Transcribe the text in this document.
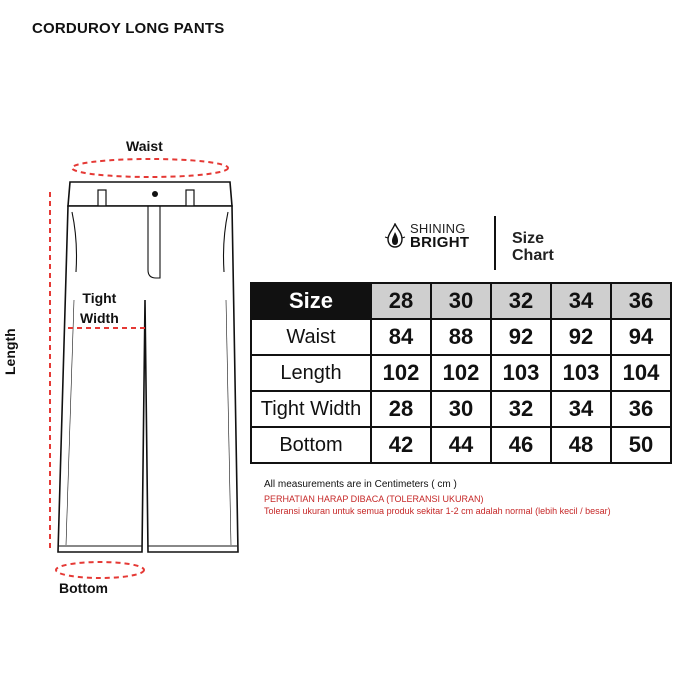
CORDUROY LONG PANTS
Waist
Tight
Width
Length
Bottom
SHINING
BRIGHT	Size
Chart
Size	28	30	32	34	36
Waist	84	88	92	92	94
Length	102	102	103	103	104
Tight Width	28	30	32	34	36
Bottom	42	44	46	48	50
All measurements are in Centimeters ( cm )
PERHATIAN HARAP DIBACA (TOLERANSI UKURAN)
Toleransi ukuran untuk semua produk sekitar 1-2 cm adalah normal (lebih kecil / besar)
